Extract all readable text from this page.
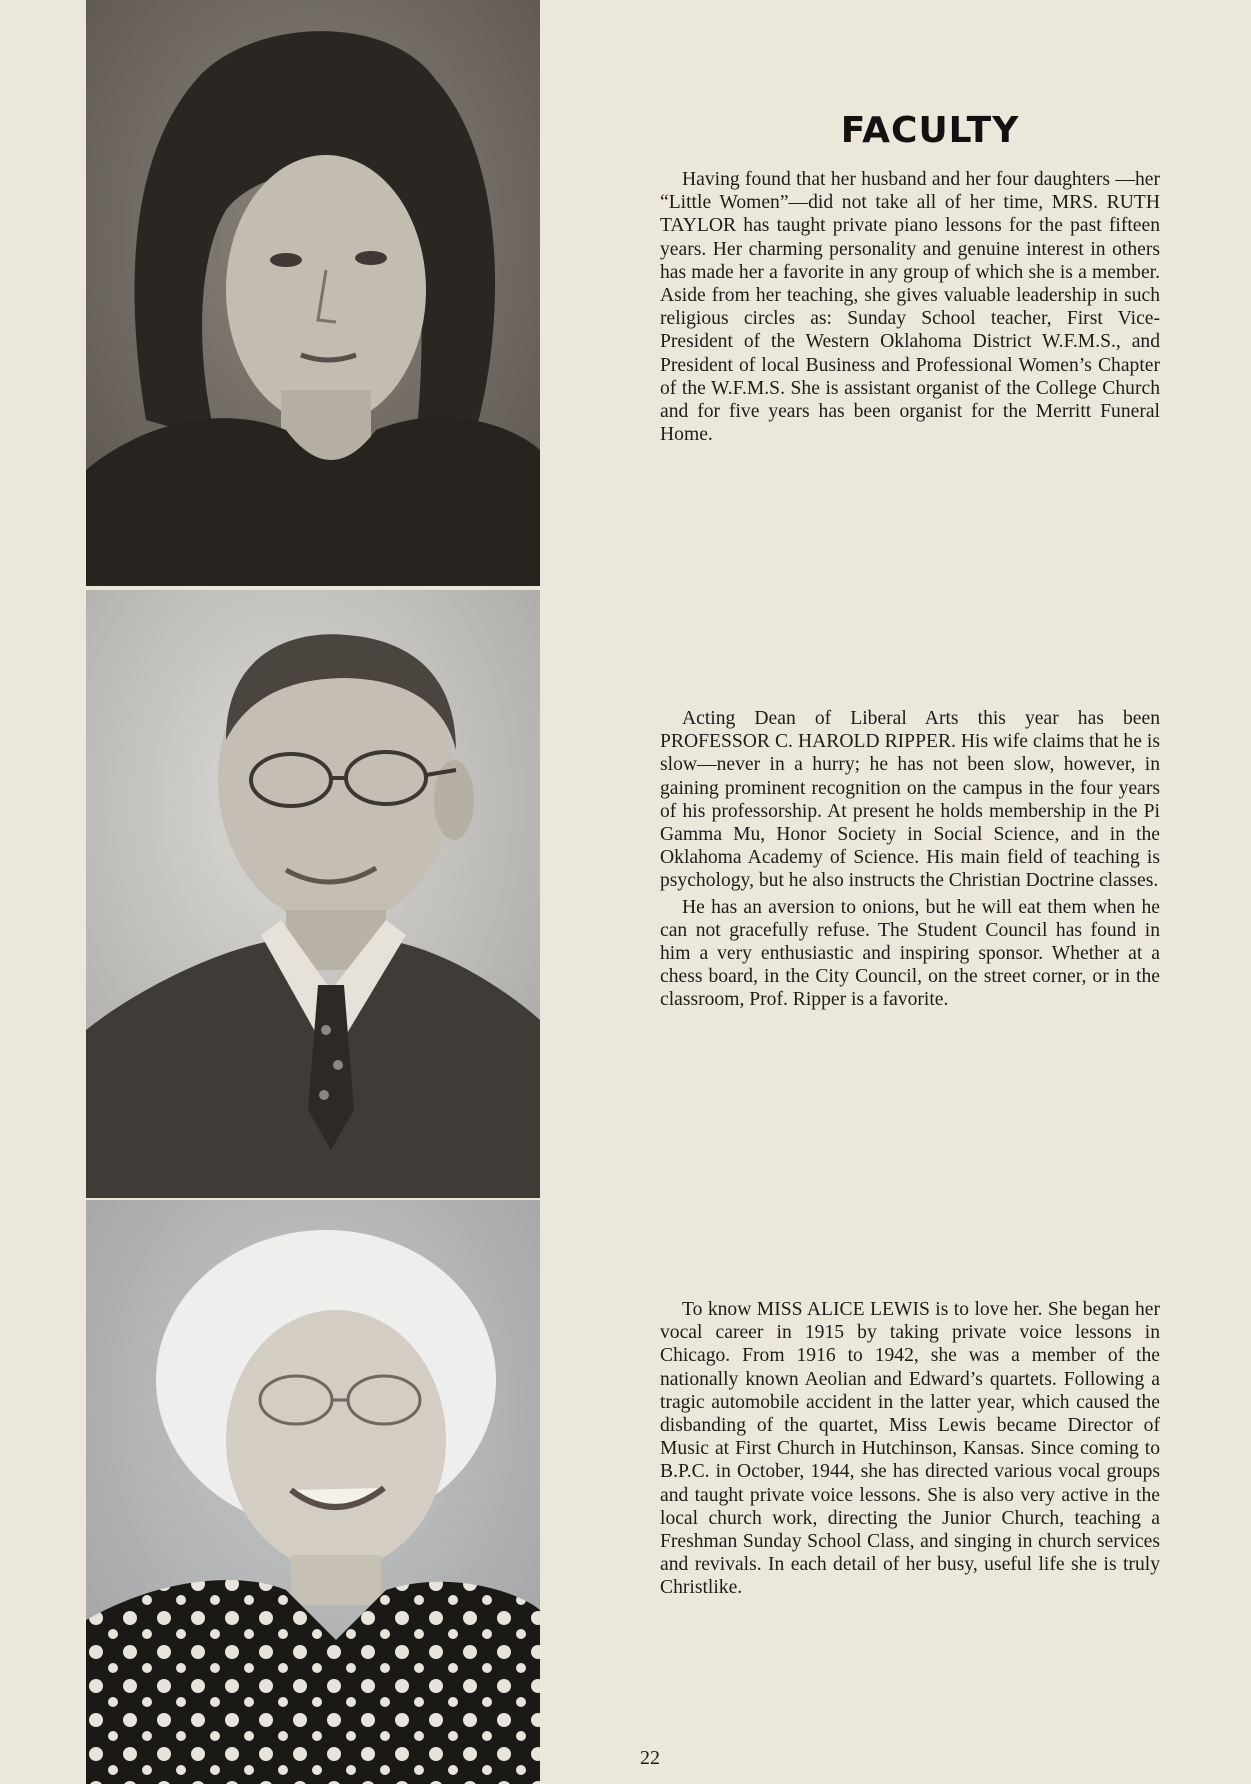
FACULTY

Having found that her husband and her four daughters —her “Little Women”—did not take all of her time, MRS. RUTH TAYLOR has taught private piano lessons for the past fifteen years. Her charming personality and genuine interest in others has made her a favorite in any group of which she is a member. Aside from her teaching, she gives valuable leadership in such religious circles as: Sunday School teacher, First Vice-President of the Western Oklahoma District W.F.M.S., and President of local Business and Professional Women’s Chapter of the W.F.M.S. She is assistant organist of the College Church and for five years has been organist for the Merritt Funeral Home.

Acting Dean of Liberal Arts this year has been PROFESSOR C. HAROLD RIPPER. His wife claims that he is slow—never in a hurry; he has not been slow, however, in gaining prominent recognition on the campus in the four years of his professorship. At present he holds membership in the Pi Gamma Mu, Honor Society in Social Science, and in the Oklahoma Academy of Science. His main field of teaching is psychology, but he also instructs the Christian Doctrine classes.

He has an aversion to onions, but he will eat them when he can not gracefully refuse. The Student Council has found in him a very enthusiastic and inspiring sponsor. Whether at a chess board, in the City Council, on the street corner, or in the classroom, Prof. Ripper is a favorite.

To know MISS ALICE LEWIS is to love her. She began her vocal career in 1915 by taking private voice lessons in Chicago. From 1916 to 1942, she was a member of the nationally known Aeolian and Edward’s quartets. Following a tragic automobile accident in the latter year, which caused the disbanding of the quartet, Miss Lewis became Director of Music at First Church in Hutchinson, Kansas. Since coming to B.P.C. in October, 1944, she has directed various vocal groups and taught private voice lessons. She is also very active in the local church work, directing the Junior Church, teaching a Freshman Sunday School Class, and singing in church services and revivals. In each detail of her busy, useful life she is truly Christlike.

22
